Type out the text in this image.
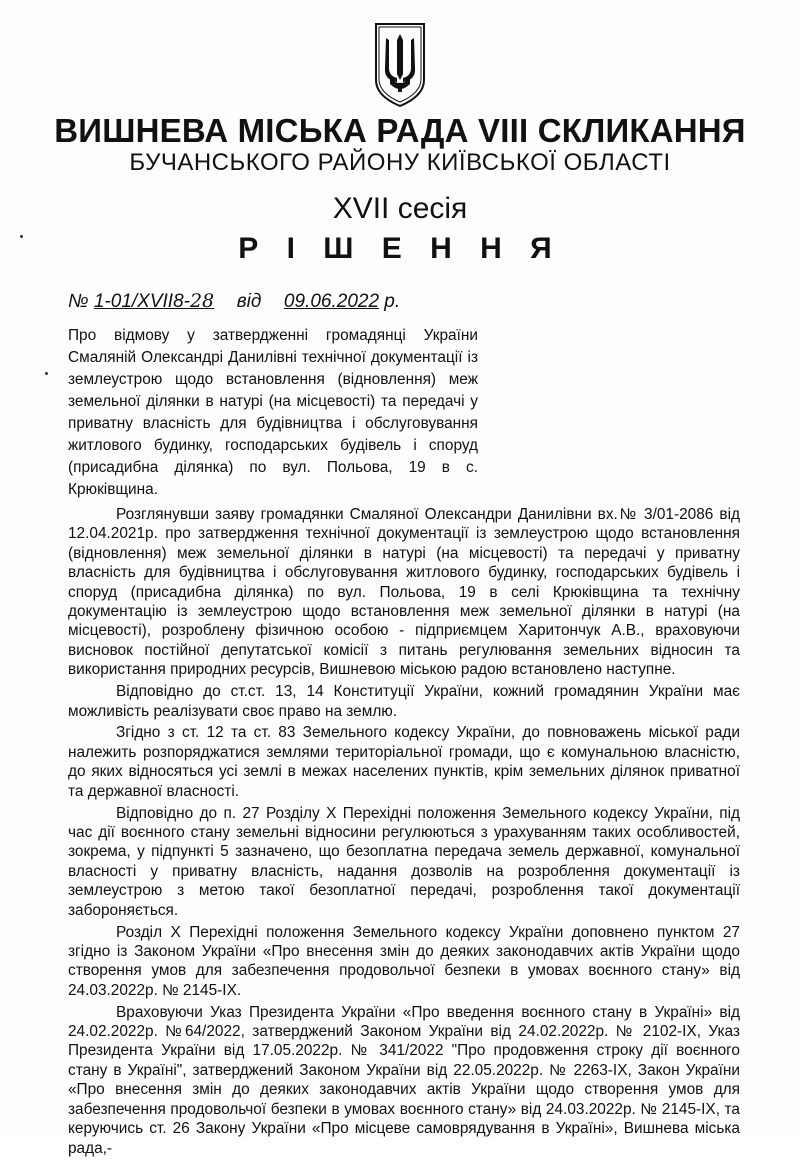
ВИШНЕВА МІСЬКА РАДА VIII СКЛИКАННЯ
БУЧАНСЬКОГО РАЙОНУ КИЇВСЬКОЇ ОБЛАСТІ
XVII сесія
Р І Ш Е Н Н Я
№ 1-01/XVII8-28 від 09.06.2022 р.
Про відмову у затвердженні громадянці України Смаляній Олександрі Данилівні технічної документації із землеустрою щодо встановлення (відновлення) меж земельної ділянки в натурі (на місцевості) та передачі у приватну власність для будівництва і обслуговування житлового будинку, господарських будівель і споруд (присадибна ділянка) по вул. Польова, 19 в с. Крюківщина.

Розглянувши заяву громадянки Смаляної Олександри Данилівни вх.№ 3/01-2086 від 12.04.2021р. про затвердження технічної документації із землеустрою щодо встановлення (відновлення) меж земельної ділянки в натурі (на місцевості) та передачі у приватну власність для будівництва і обслуговування житлового будинку, господарських будівель і споруд (присадибна ділянка) по вул. Польова, 19 в селі Крюківщина та технічну документацію із землеустрою щодо встановлення меж земельної ділянки в натурі (на місцевості), розроблену фізичною особою - підприємцем Харитончук А.В., враховуючи висновок постійної депутатської комісії з питань регулювання земельних відносин та використання природних ресурсів, Вишневою міською радою встановлено наступне.

Відповідно до ст.ст. 13, 14 Конституції України, кожний громадянин України має можливість реалізувати своє право на землю.

Згідно з ст. 12 та ст. 83 Земельного кодексу України, до повноважень міської ради належить розпоряджатися землями територіальної громади, що є комунальною власністю, до яких відносяться усі землі в межах населених пунктів, крім земельних ділянок приватної та державної власності.

Відповідно до п. 27 Розділу Х Перехідні положення Земельного кодексу України, під час дії воєнного стану земельні відносини регулюються з урахуванням таких особливостей, зокрема, у підпункті 5 зазначено, що безоплатна передача земель державної, комунальної власності у приватну власність, надання дозволів на розроблення документації із землеустрою з метою такої безоплатної передачі, розроблення такої документації забороняється.

Розділ Х Перехідні положення Земельного кодексу України доповнено пунктом 27 згідно із Законом України «Про внесення змін до деяких законодавчих актів України щодо створення умов для забезпечення продовольчої безпеки в умовах воєнного стану» від 24.03.2022р. № 2145-IX.

Враховуючи Указ Президента України «Про введення воєнного стану в Україні» від 24.02.2022р. №64/2022, затверджений Законом України від 24.02.2022р. № 2102-IX, Указ Президента України від 17.05.2022р. № 341/2022 "Про продовження строку дії воєнного стану в Україні", затверджений Законом України від 22.05.2022р. № 2263-IX, Закон України «Про внесення змін до деяких законодавчих актів України щодо створення умов для забезпечення продовольчої безпеки в умовах воєнного стану» від 24.03.2022р. № 2145-IX, та керуючись ст. 26 Закону України «Про місцеве самоврядування в Україні», Вишнева міська рада,-
